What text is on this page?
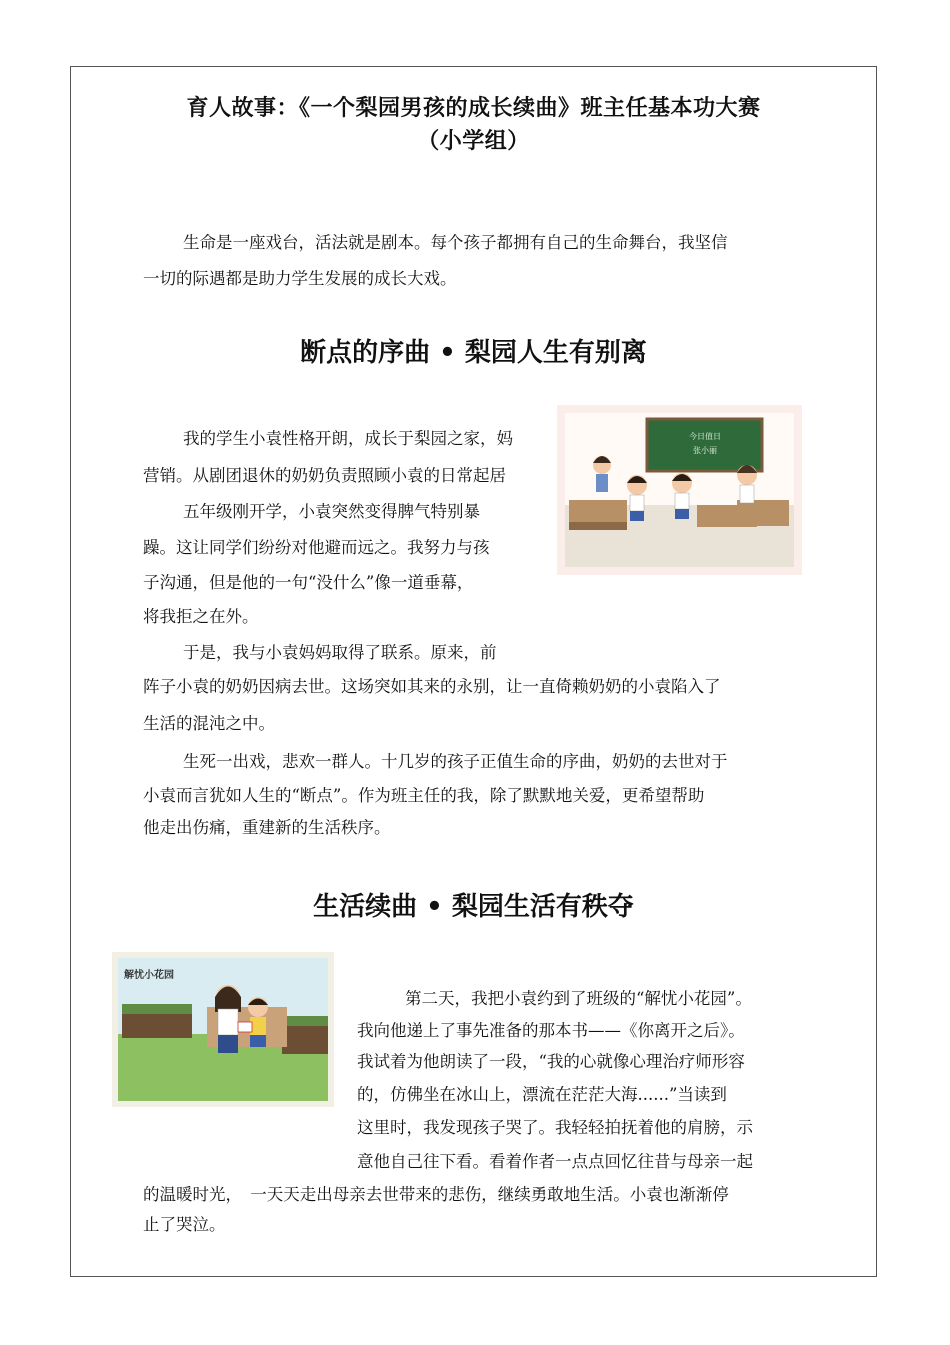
育人故事：《一个梨园男孩的成长续曲》班主任基本功大赛
（小学组）

生命是一座戏台，活法就是剧本。每个孩子都拥有自己的生命舞台，我坚信

一切的际遇都是助力学生发展的成长大戏。

断点的序曲 • 梨园人生有别离

我的学生小袁性格开朗，成长于梨园之家，妈

营销。从剧团退休的奶奶负责照顾小袁的日常起居

五年级刚开学，小袁突然变得脾气特别暴

躁。这让同学们纷纷对他避而远之。我努力与孩

子沟通，但是他的一句“没什么”像一道垂幕，

将我拒之在外。

于是，我与小袁妈妈取得了联系。原来，前

阵子小袁的奶奶因病去世。这场突如其来的永别，让一直倚赖奶奶的小袁陷入了

生活的混沌之中。

生死一出戏，悲欢一群人。十几岁的孩子正值生命的序曲，奶奶的去世对于

小袁而言犹如人生的“断点”。作为班主任的我，除了默默地关爱，更希望帮助

他走出伤痛，重建新的生活秩序。

今日值日
张小丽
生活续曲 • 梨园生活有秩夺
解忧小花园

第二天，我把小袁约到了班级的“解忧小花园”。

我向他递上了事先准备的那本书——《你离开之后》。

我试着为他朗读了一段，“我的心就像心理治疗师形容

的，仿佛坐在冰山上，漂流在茫茫大海......”当读到

这里时，我发现孩子哭了。我轻轻拍抚着他的肩膀，示

意他自己往下看。看着作者一点点回忆往昔与母亲一起

的温暖时光，　一天天走出母亲去世带来的悲伤，继续勇敢地生活。小袁也渐渐停

止了哭泣。
